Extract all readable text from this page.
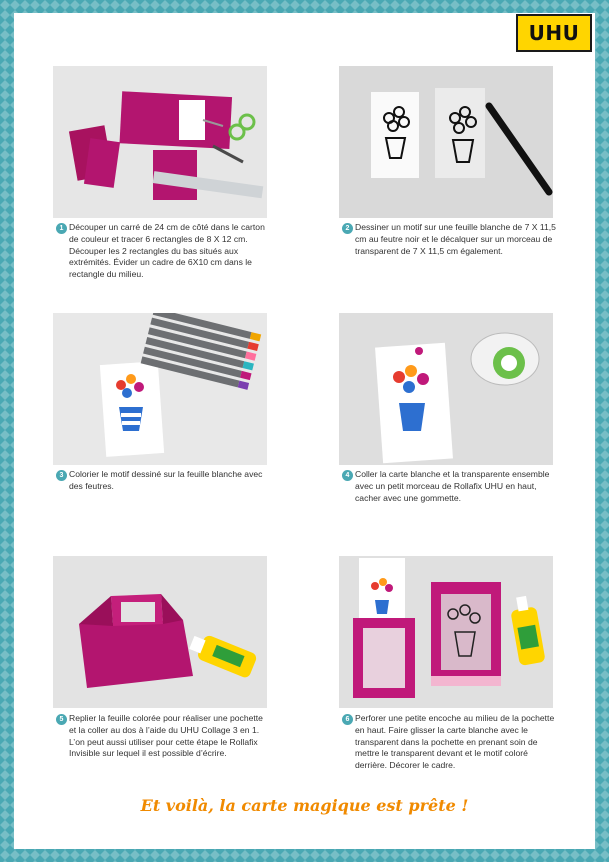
UHU
1 Découper un carré de 24 cm de côté dans le carton de couleur et tracer 6 rectangles de 8 X 12 cm. Découper les 2 rectangles du bas situés aux extrémités. Évider un cadre de 6X10 cm dans le rectangle du milieu.
2 Dessiner un motif sur une feuille blanche de 7 X 11,5 cm au feutre noir et le décalquer sur un morceau de transparent de 7 X 11,5 cm également.
3 Colorier le motif dessiné sur la feuille blanche avec des feutres.
4 Coller la carte blanche et la transparente ensemble avec un petit morceau de Rollafix UHU en haut, cacher avec une gommette.
5 Replier la feuille colorée pour réaliser une pochette et la coller au dos à l’aide du UHU Collage 3 en 1. L’on peut aussi utiliser pour cette étape le Rollafix Invisible sur lequel il est possible d’écrire.
6 Perforer une petite encoche au milieu de la pochette en haut. Faire glisser la carte blanche avec le transparent dans la pochette en prenant soin de mettre le transparent devant et le motif coloré derrière. Décorer le cadre.
Et voilà, la carte magique est prête !
